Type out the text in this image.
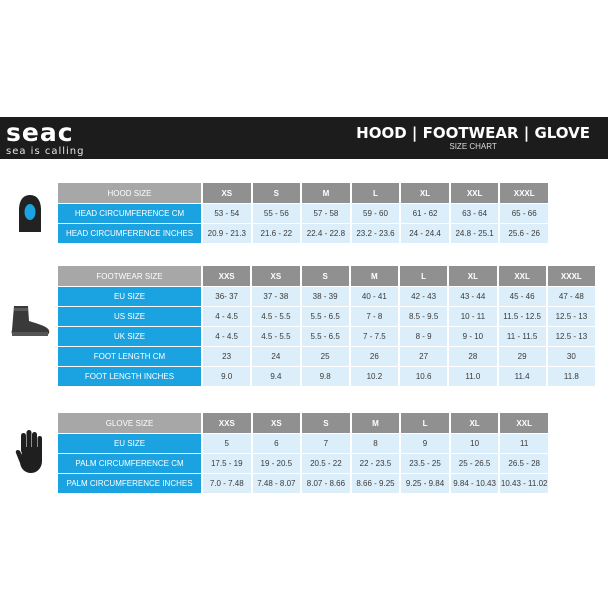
seac
sea is calling
HOOD | FOOTWEAR | GLOVE
SIZE CHART
HOOD SIZE	XS	S	M	L	XL	XXL	XXXL
HEAD CIRCUMFERENCE CM	53 - 54	55 - 56	57 - 58	59 - 60	61 - 62	63 - 64	65 - 66
HEAD CIRCUMFERENCE INCHES	20.9 - 21.3	21.6 - 22	22.4 - 22.8	23.2 - 23.6	24 - 24.4	24.8 - 25.1	25.6 - 26
FOOTWEAR SIZE	XXS	XS	S	M	L	XL	XXL	XXXL
EU SIZE	36- 37	37 - 38	38 - 39	40 - 41	42 - 43	43 - 44	45 - 46	47 - 48
US SIZE	4 - 4.5	4.5 - 5.5	5.5 - 6.5	7 - 8	8.5 - 9.5	10 - 11	11.5 - 12.5	12.5 - 13
UK SIZE	4 - 4.5	4.5 - 5.5	5.5 - 6.5	7 - 7.5	8 - 9	9 - 10	11 - 11.5	12.5 - 13
FOOT LENGTH CM	23	24	25	26	27	28	29	30
FOOT LENGTH INCHES	9.0	9.4	9.8	10.2	10.6	11.0	11.4	11.8
GLOVE SIZE	XXS	XS	S	M	L	XL	XXL
EU SIZE	5	6	7	8	9	10	11
PALM CIRCUMFERENCE CM	17.5 - 19	19 - 20.5	20.5 - 22	22 - 23.5	23.5 - 25	25 - 26.5	26.5 - 28
PALM CIRCUMFERENCE INCHES	7.0 - 7.48	7.48 - 8.07	8.07 - 8.66	8.66 - 9.25	9.25 - 9.84	9.84 - 10.43	10.43 - 11.02
